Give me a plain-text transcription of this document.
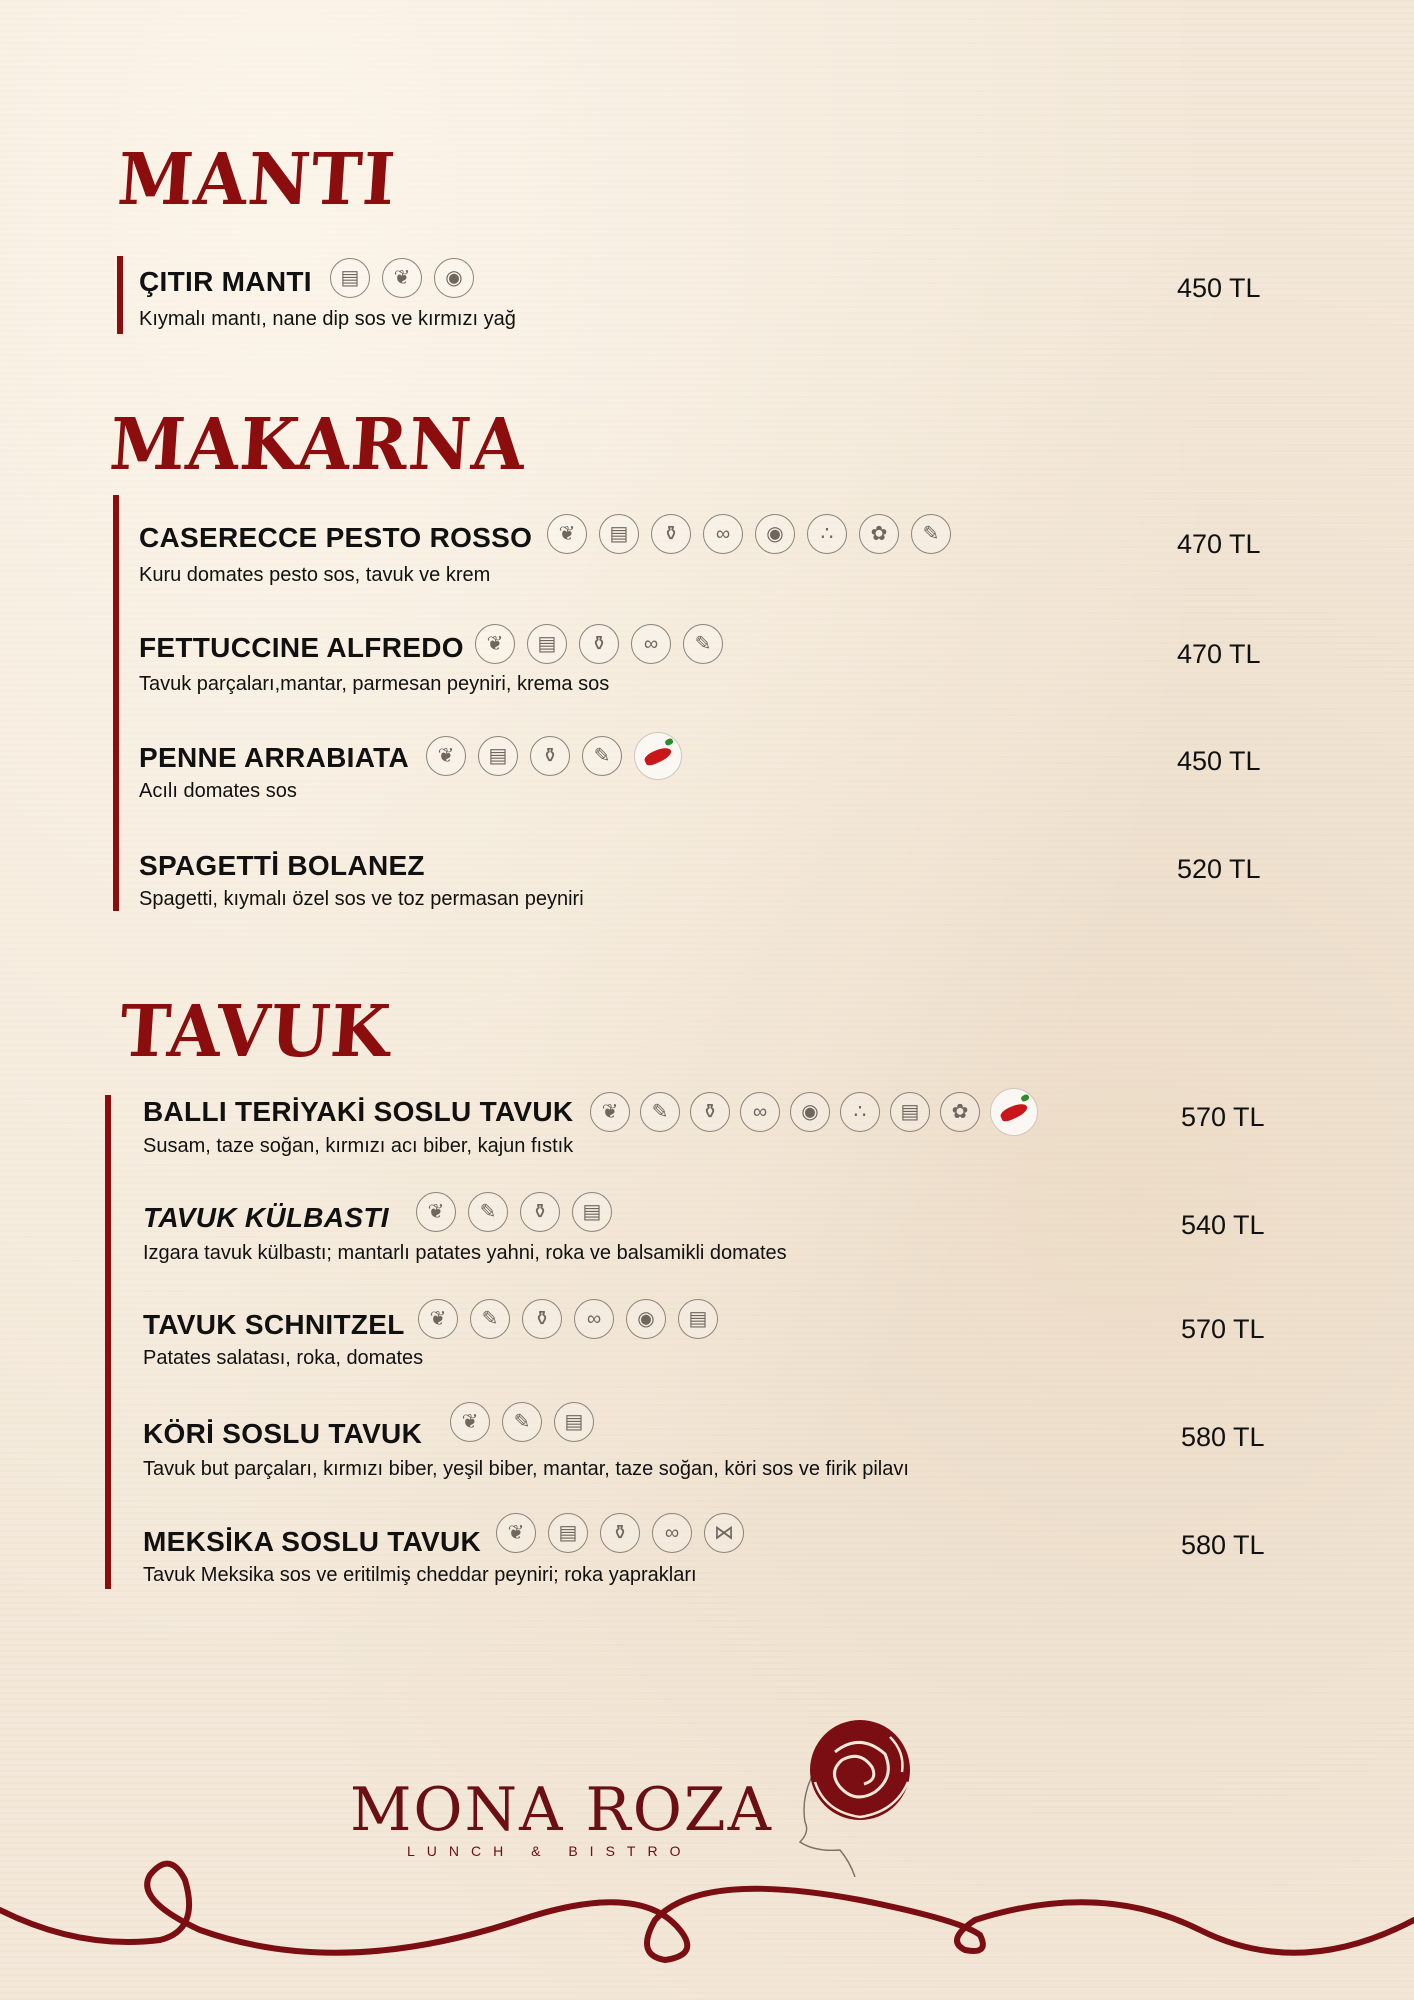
MANTI
ÇITIR MANTI	▤	❦	◉
Kıymalı mantı, nane dip sos ve kırmızı yağ
450 TL
MAKARNA
CASERECCE PESTO ROSSO	❦	▤	⚱	∞	◉	∴	✿	✎
Kuru domates pesto sos, tavuk ve krem
470 TL
FETTUCCINE ALFREDO	❦	▤	⚱	∞	✎
Tavuk parçaları,mantar, parmesan peyniri, krema sos
470 TL
PENNE ARRABIATA	❦	▤	⚱	✎
Acılı domates sos
450 TL
SPAGETTİ BOLANEZ
Spagetti, kıymalı özel sos ve toz permasan peyniri
520 TL
TAVUK
BALLI TERİYAKİ SOSLU TAVUK	❦	✎	⚱	∞	◉	∴	▤	✿
Susam, taze soğan, kırmızı acı biber, kajun fıstık
570 TL
TAVUK KÜLBASTI	❦	✎	⚱	▤
Izgara tavuk külbastı; mantarlı patates yahni, roka ve balsamikli domates
540 TL
TAVUK SCHNITZEL	❦	✎	⚱	∞	◉	▤
Patates salatası, roka, domates
570 TL
KÖRİ SOSLU TAVUK	❦	✎	▤
Tavuk but parçaları, kırmızı biber, yeşil biber, mantar, taze soğan, köri sos ve firik pilavı
580 TL
MEKSİKA SOSLU TAVUK	❦	▤	⚱	∞	⋈
Tavuk Meksika sos ve eritilmiş cheddar peyniri; roka yaprakları
580 TL
MONA ROZA
LUNCH & BISTRO
